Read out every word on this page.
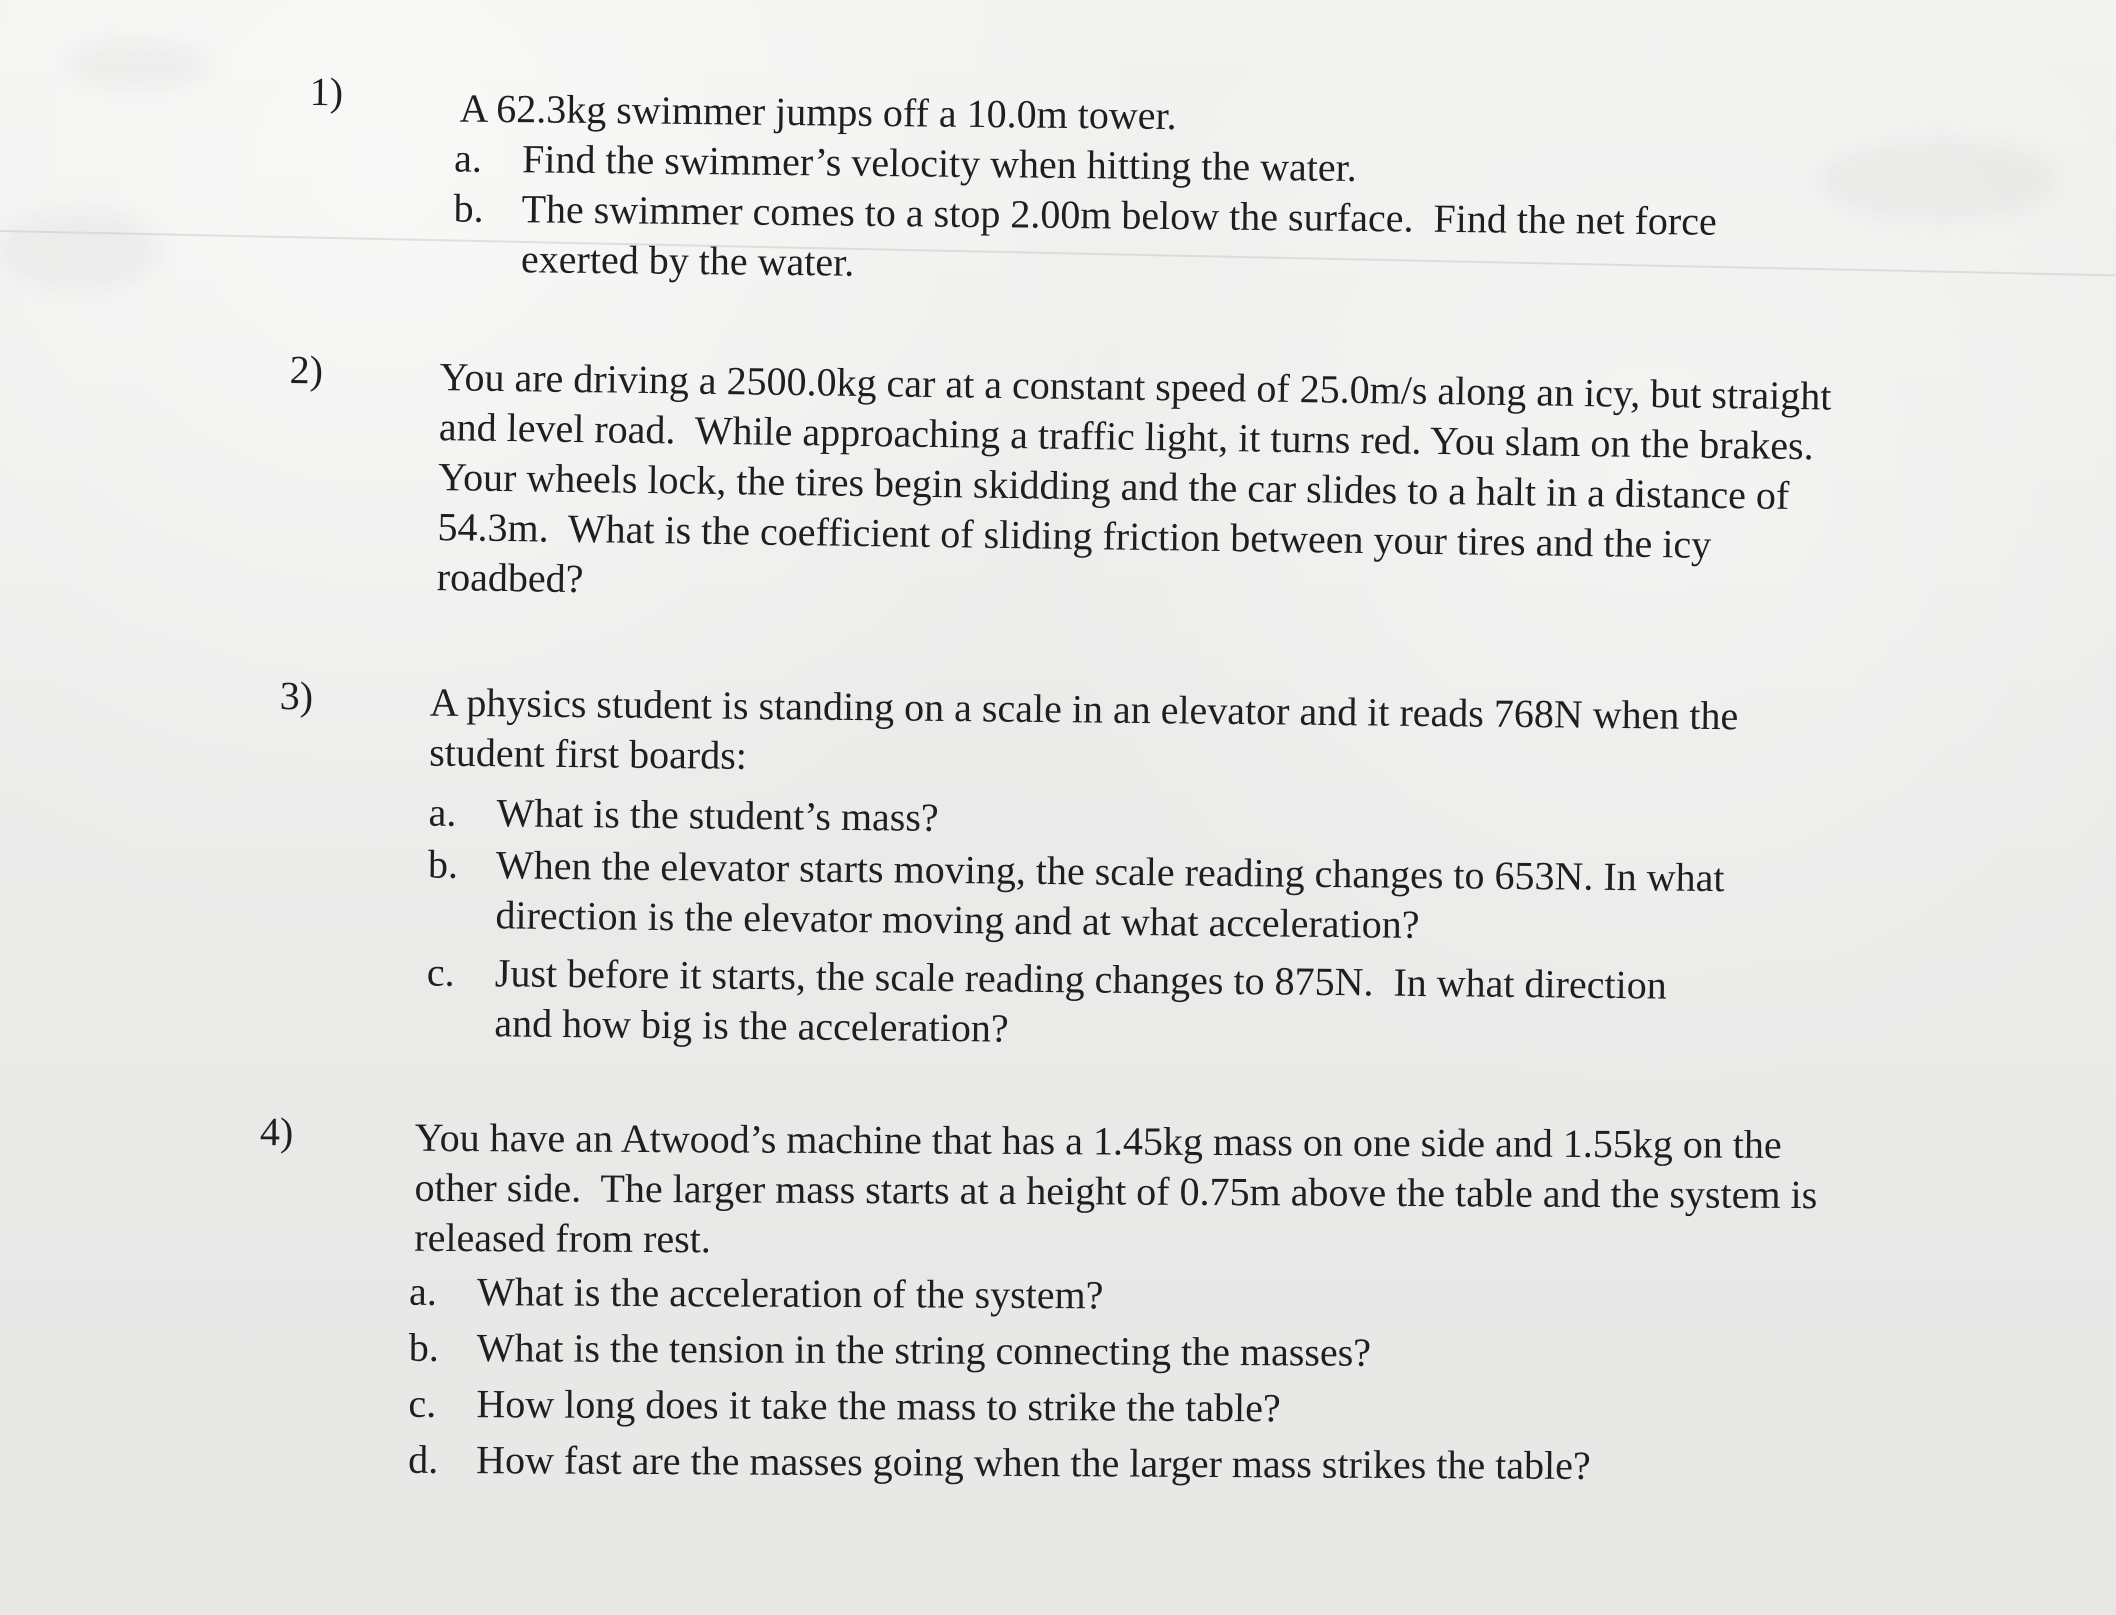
1)	A 62.3kg swimmer jumps off a 10.0m tower.
a. Find the swimmer’s velocity when hitting the water.
b. The swimmer comes to a stop 2.00m below the surface.  Find the net force exerted by the water.
2)	You are driving a 2500.0kg car at a constant speed of 25.0m/s along an icy, but straight and level road.  While approaching a traffic light, it turns red. You slam on the brakes.  Your wheels lock, the tires begin skidding and the car slides to a halt in a distance of 54.3m.  What is the coefficient of sliding friction between your tires and the icy roadbed?
3)	A physics student is standing on a scale in an elevator and it reads 768N when the student first boards:
a. What is the student’s mass?
b. When the elevator starts moving, the scale reading changes to 653N. In what direction is the elevator moving and at what acceleration?
c. Just before it starts, the scale reading changes to 875N.  In what direction and how big is the acceleration?
4)	You have an Atwood’s machine that has a 1.45kg mass on one side and 1.55kg on the other side.  The larger mass starts at a height of 0.75m above the table and the system is released from rest.
a. What is the acceleration of the system?
b. What is the tension in the string connecting the masses?
c. How long does it take the mass to strike the table?
d. How fast are the masses going when the larger mass strikes the table?
